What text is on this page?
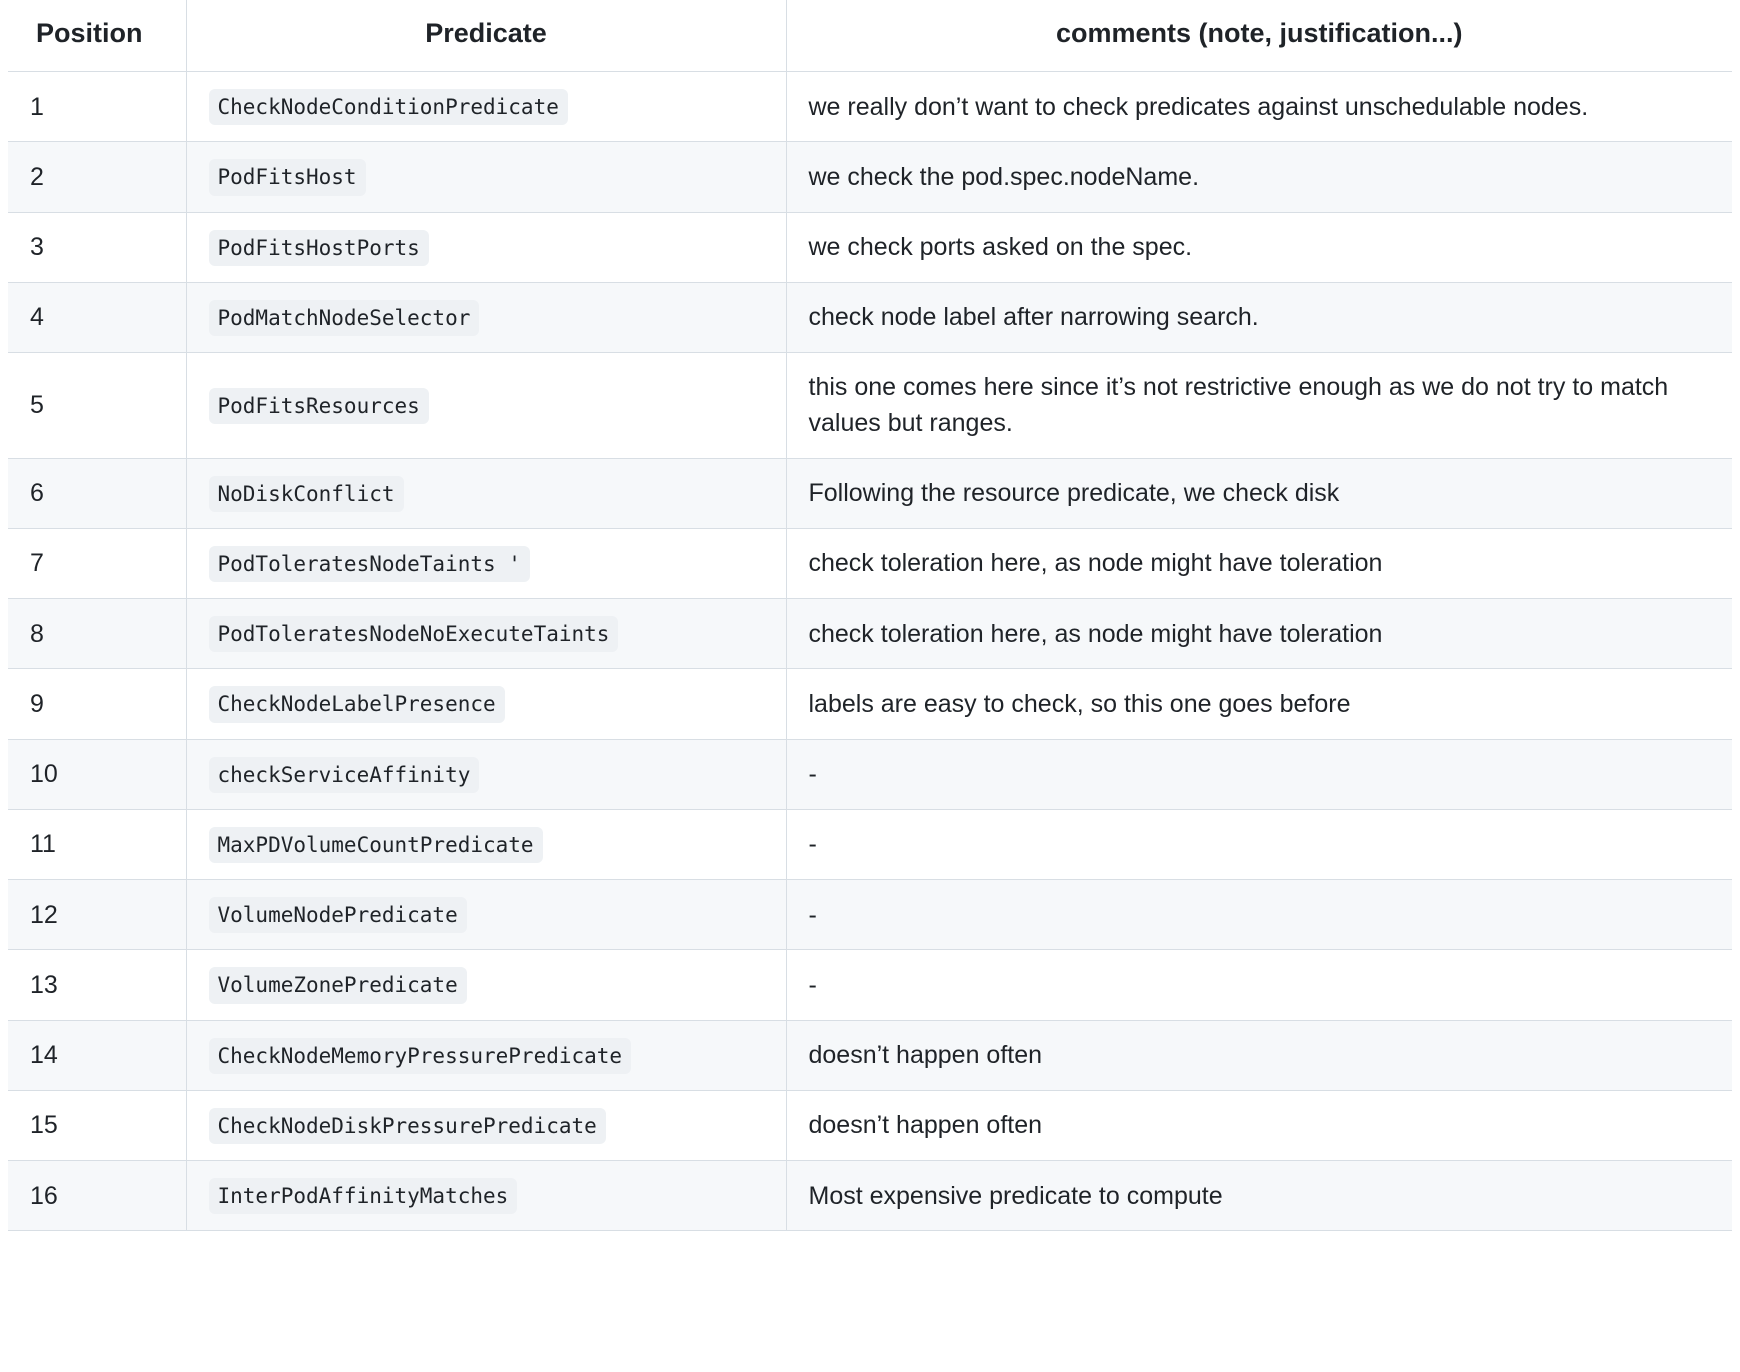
Position	Predicate	comments (note, justification...)
1	CheckNodeConditionPredicate	we really don’t want to check predicates against unschedulable nodes.
2	PodFitsHost	we check the pod.spec.nodeName.
3	PodFitsHostPorts	we check ports asked on the spec.
4	PodMatchNodeSelector	check node label after narrowing search.
5	PodFitsResources	this one comes here since it’s not restrictive enough as we do not try to match values but ranges.
6	NoDiskConflict	Following the resource predicate, we check disk
7	PodToleratesNodeTaints '	check toleration here, as node might have toleration
8	PodToleratesNodeNoExecuteTaints	check toleration here, as node might have toleration
9	CheckNodeLabelPresence	labels are easy to check, so this one goes before
10	checkServiceAffinity	-
11	MaxPDVolumeCountPredicate	-
12	VolumeNodePredicate	-
13	VolumeZonePredicate	-
14	CheckNodeMemoryPressurePredicate	doesn’t happen often
15	CheckNodeDiskPressurePredicate	doesn’t happen often
16	InterPodAffinityMatches	Most expensive predicate to compute
